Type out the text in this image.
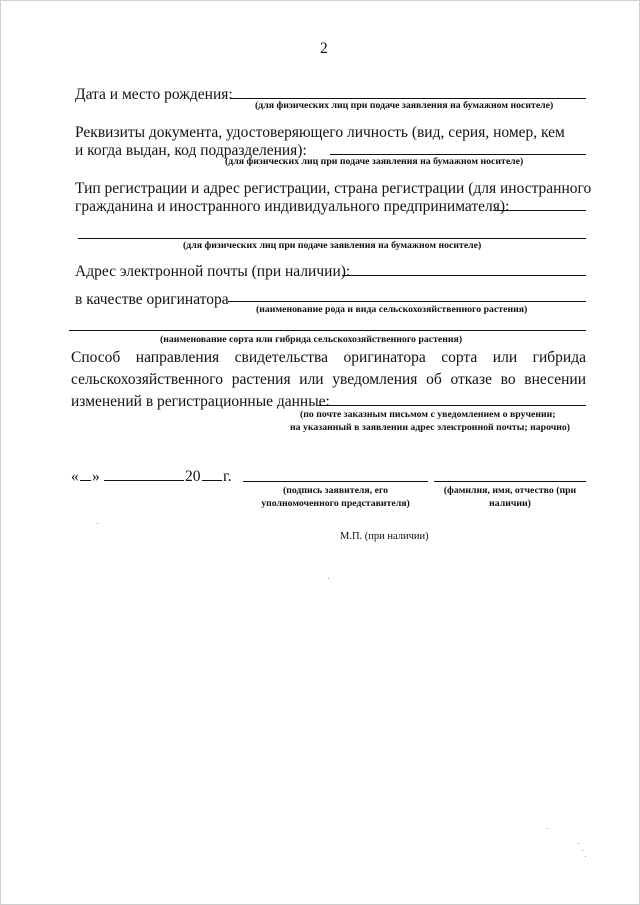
2
Дата и место рождения:
(для физических лиц при подаче заявления на бумажном носителе)
Реквизиты документа, удостоверяющего личность (вид, серия, номер, кем
и когда выдан, код подразделения):
(для физических лиц при подаче заявления на бумажном носителе)
Тип регистрации и адрес регистрации, страна регистрации (для иностранного
гражданина и иностранного индивидуального предпринимателя):
(для физических лиц при подаче заявления на бумажном носителе)
Адрес электронной почты (при наличии):
в качестве оригинатора
(наименование рода и вида сельскохозяйственного растения)
(наименование сорта или гибрида сельскохозяйственного растения)
Способ направления свидетельства оригинатора сорта или гибрида
сельскохозяйственного растения или уведомления об отказе во внесении
изменений в регистрационные данные:
(по почте заказным письмом с уведомлением о вручении;
на указанный в заявлении адрес электронной почты; нарочно)
« »	20 г.
(подпись заявителя, его уполномоченного представителя)
(фамилия, имя, отчество (при наличии)
М.П. (при наличии)
